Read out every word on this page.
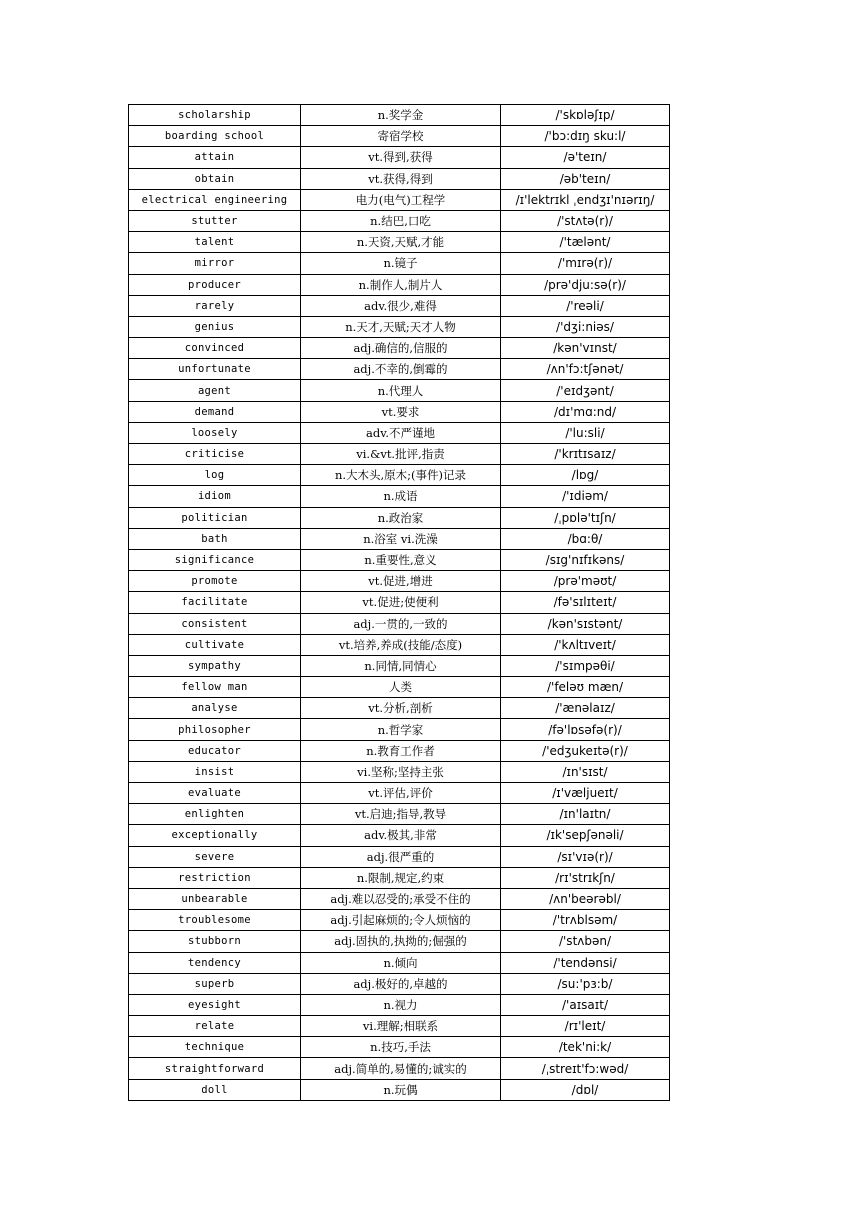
scholarship	n.奖学金	/'skɒləʃɪp/
boarding school	寄宿学校	/'bɔ:dɪŋ sku:l/
attain	vt.得到,获得	/ə'teɪn/
obtain	vt.获得,得到	/əb'teɪn/
electrical engineering	电力(电气)工程学	/ɪ'lektrɪkl ˌendʒɪ'nɪərɪŋ/
stutter	n.结巴,口吃	/'stʌtə(r)/
talent	n.天资,天赋,才能	/'tælənt/
mirror	n.镜子	/'mɪrə(r)/
producer	n.制作人,制片人	/prə'dju:sə(r)/
rarely	adv.很少,难得	/'reəli/
genius	n.天才,天赋;天才人物	/'dʒi:niəs/
convinced	adj.确信的,信服的	/kən'vɪnst/
unfortunate	adj.不幸的,倒霉的	/ʌn'fɔ:tʃənət/
agent	n.代理人	/'eɪdʒənt/
demand	vt.要求	/dɪ'mɑ:nd/
loosely	adv.不严谨地	/'lu:sli/
criticise	vi.&vt.批评,指责	/'krɪtɪsaɪz/
log	n.大木头,原木;(事件)记录	/lɒg/
idiom	n.成语	/'ɪdiəm/
politician	n.政治家	/ˌpɒlə'tɪʃn/
bath	n.浴室 vi.洗澡	/bɑ:θ/
significance	n.重要性,意义	/sɪg'nɪfɪkəns/
promote	vt.促进,增进	/prə'məʊt/
facilitate	vt.促进;使便利	/fə'sɪlɪteɪt/
consistent	adj.一贯的,一致的	/kən'sɪstənt/
cultivate	vt.培养,养成(技能/态度)	/'kʌltɪveɪt/
sympathy	n.同情,同情心	/'sɪmpəθi/
fellow man	人类	/'feləʊ mæn/
analyse	vt.分析,剖析	/'ænəlaɪz/
philosopher	n.哲学家	/fə'lɒsəfə(r)/
educator	n.教育工作者	/'edʒukeɪtə(r)/
insist	vi.坚称;坚持主张	/ɪn'sɪst/
evaluate	vt.评估,评价	/ɪ'væljueɪt/
enlighten	vt.启迪;指导,教导	/ɪn'laɪtn/
exceptionally	adv.极其,非常	/ɪk'sepʃənəli/
severe	adj.很严重的	/sɪ'vɪə(r)/
restriction	n.限制,规定,约束	/rɪ'strɪkʃn/
unbearable	adj.难以忍受的;承受不住的	/ʌn'beərəbl/
troublesome	adj.引起麻烦的;令人烦恼的	/'trʌblsəm/
stubborn	adj.固执的,执拗的;倔强的	/'stʌbən/
tendency	n.倾向	/'tendənsi/
superb	adj.极好的,卓越的	/su:'pɜ:b/
eyesight	n.视力	/'aɪsaɪt/
relate	vi.理解;相联系	/rɪ'leɪt/
technique	n.技巧,手法	/tek'ni:k/
straightforward	adj.简单的,易懂的;诚实的	/ˌstreɪt'fɔ:wəd/
doll	n.玩偶	/dɒl/
